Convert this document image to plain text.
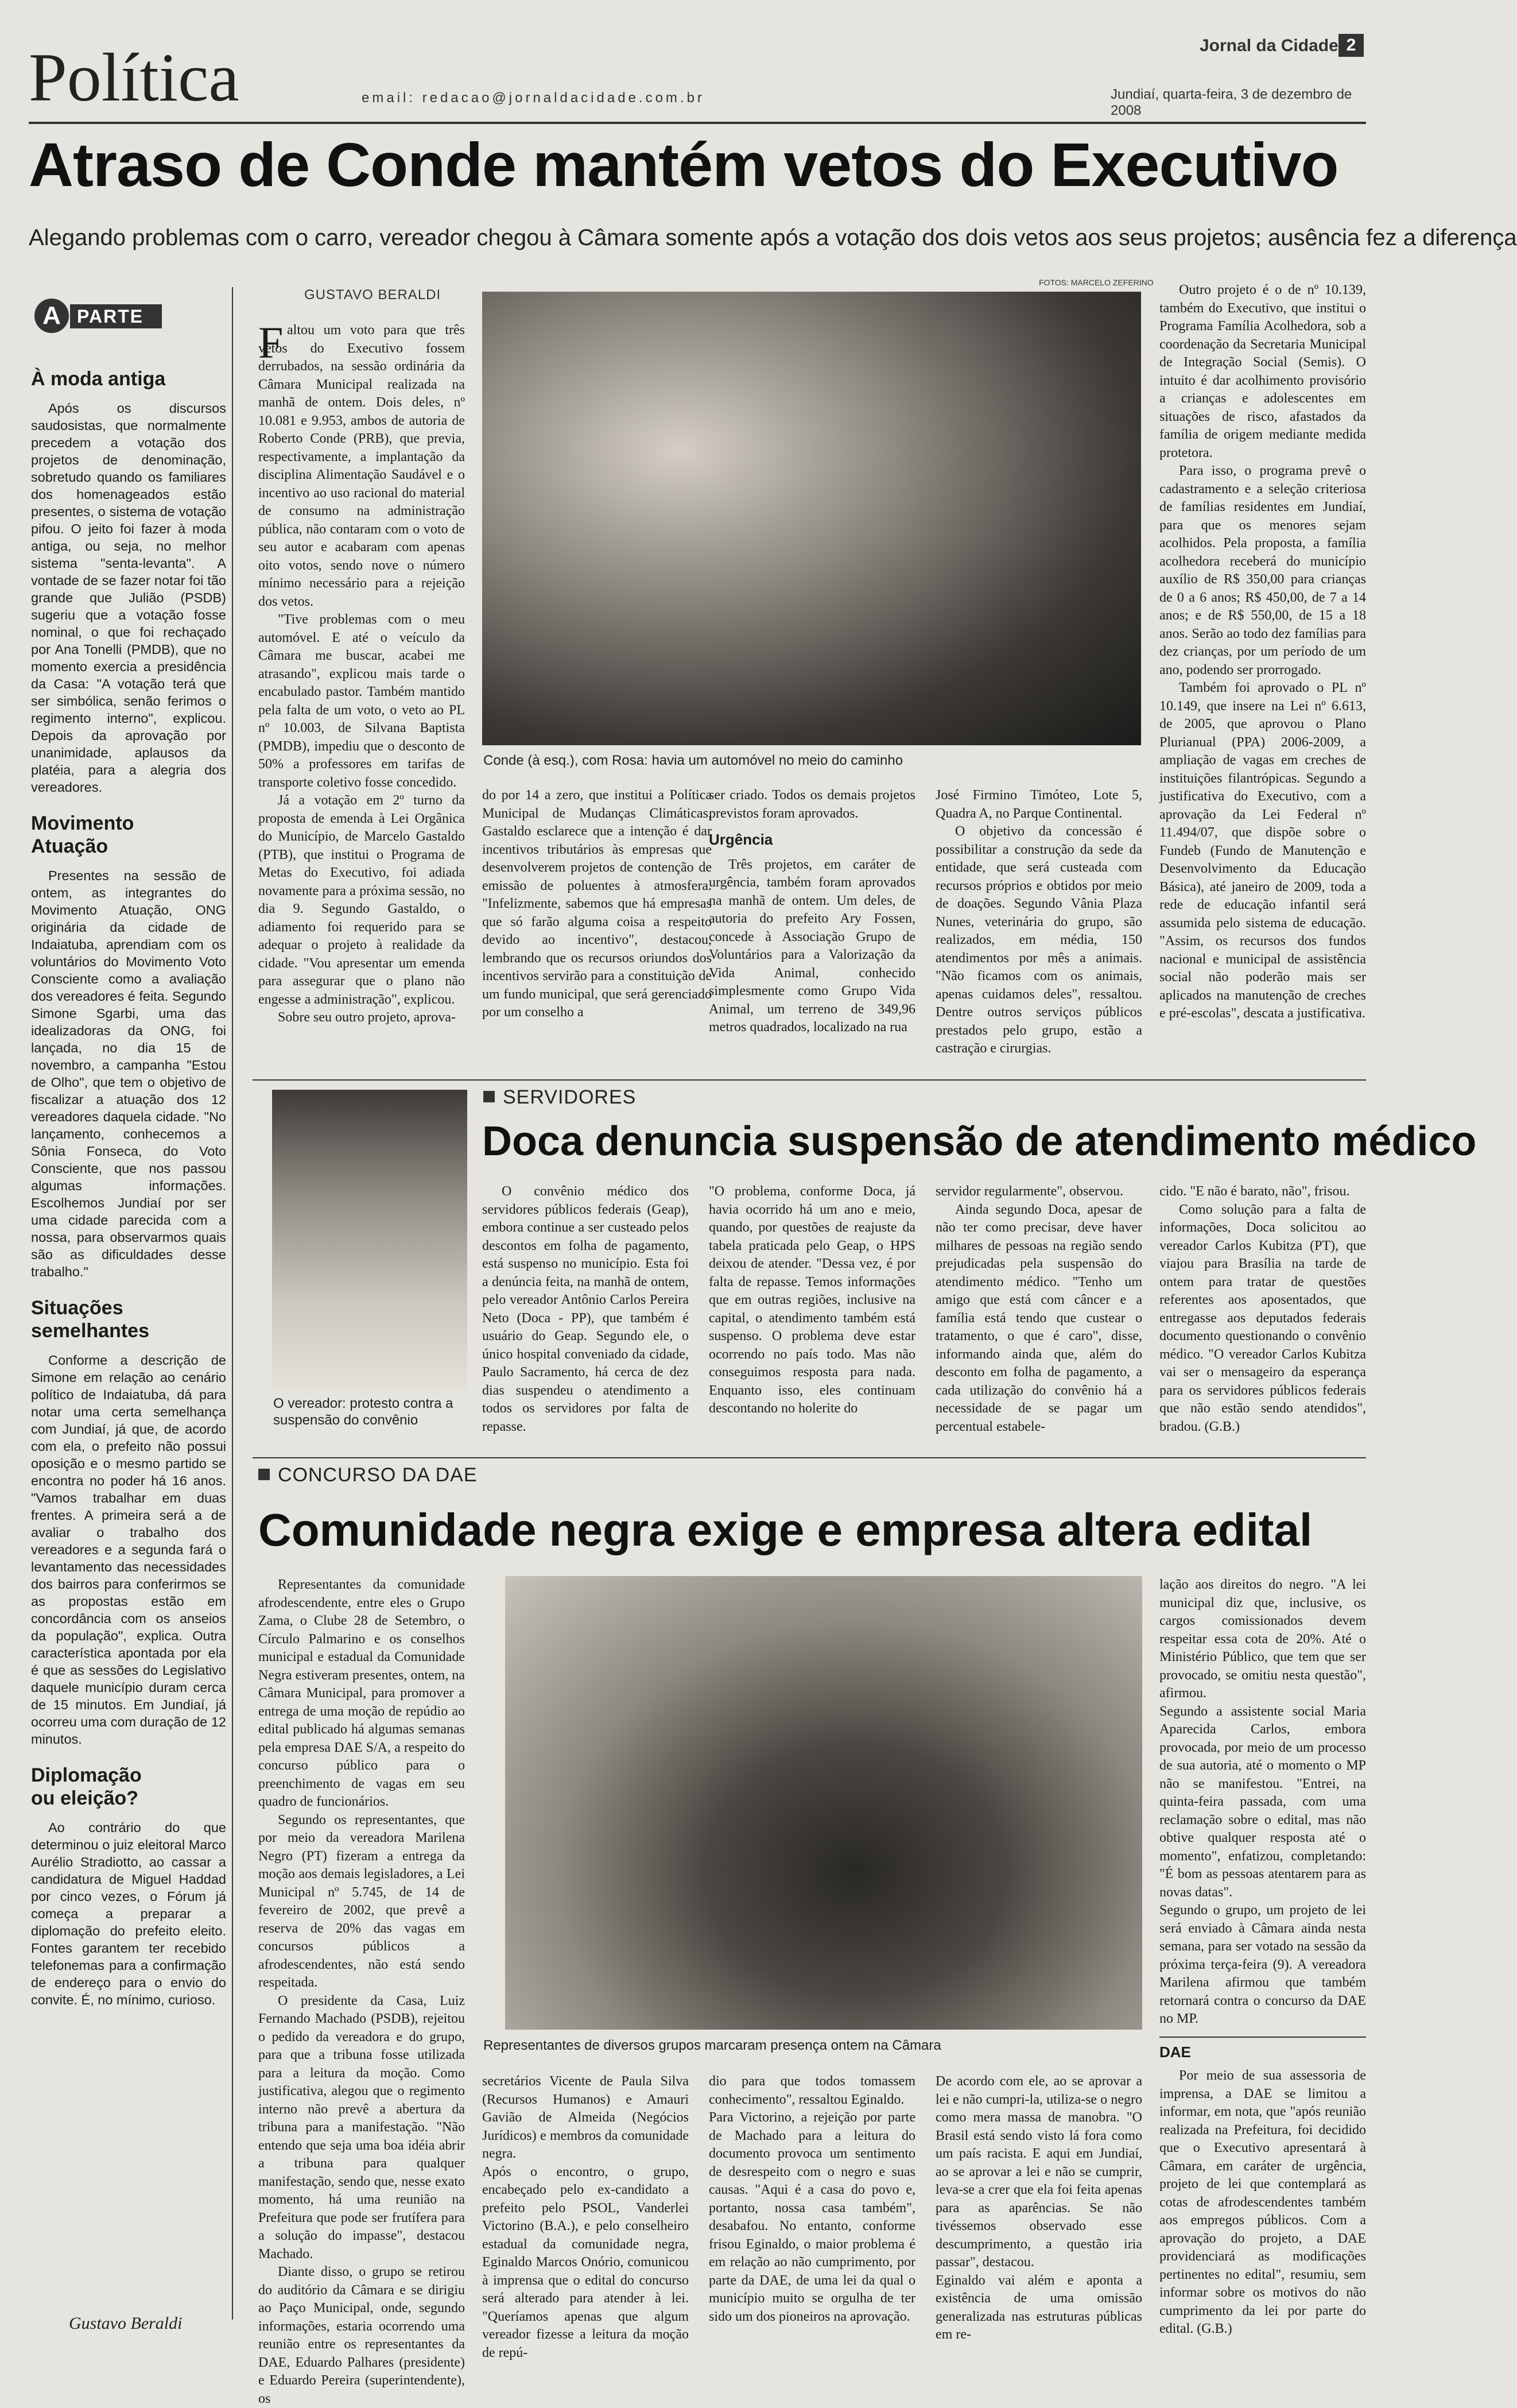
Política	email: redacao@jornaldacidade.com.br
Jornal da Cidade 2
Jundiaí, quarta-feira, 3 de dezembro de 2008
Atraso de Conde mantém vetos do Executivo
Alegando problemas com o carro, vereador chegou à Câmara somente após a votação dos dois vetos aos seus projetos; ausência fez a diferença
A PARTE
À moda antiga

Após os discursos saudosistas, que normalmente precedem a votação dos projetos de denominação, sobretudo quando os familiares dos homenageados estão presentes, o sistema de votação pifou. O jeito foi fazer à moda antiga, ou seja, no melhor sistema "senta-levanta". A vontade de se fazer notar foi tão grande que Julião (PSDB) sugeriu que a votação fosse nominal, o que foi rechaçado por Ana Tonelli (PMDB), que no momento exercia a presidência da Casa: "A votação terá que ser simbólica, senão ferimos o regimento interno", explicou. Depois da aprovação por unanimidade, aplausos da platéia, para a alegria dos vereadores.

Movimento Atuação

Presentes na sessão de ontem, as integrantes do Movimento Atuação, ONG originária da cidade de Indaiatuba, aprendiam com os voluntários do Movimento Voto Consciente como a avaliação dos vereadores é feita. Segundo Simone Sgarbi, uma das idealizadoras da ONG, foi lançada, no dia 15 de novembro, a campanha "Estou de Olho", que tem o objetivo de fiscalizar a atuação dos 12 vereadores daquela cidade. "No lançamento, conhecemos a Sônia Fonseca, do Voto Consciente, que nos passou algumas informações. Escolhemos Jundiaí por ser uma cidade parecida com a nossa, para observarmos quais são as dificuldades desse trabalho."

Situações semelhantes

Conforme a descrição de Simone em relação ao cenário político de Indaiatuba, dá para notar uma certa semelhança com Jundiaí, já que, de acordo com ela, o prefeito não possui oposição e o mesmo partido se encontra no poder há 16 anos. "Vamos trabalhar em duas frentes. A primeira será a de avaliar o trabalho dos vereadores e a segunda fará o levantamento das necessidades dos bairros para conferirmos se as propostas estão em concordância com os anseios da população", explica. Outra característica apontada por ela é que as sessões do Legislativo daquele município duram cerca de 15 minutos. Em Jundiaí, já ocorreu uma com duração de 12 minutos.

Diplomação ou eleição?

Ao contrário do que determinou o juiz eleitoral Marco Aurélio Stradiotto, ao cassar a candidatura de Miguel Haddad por cinco vezes, o Fórum já começa a preparar a diplomação do prefeito eleito. Fontes garantem ter recebido telefonemas para a confirmação de endereço para o envio do convite. É, no mínimo, curioso.

Gustavo Beraldi
GUSTAVO BERALDI
FOTOS: MARCELO ZEFERINO
Conde (à esq.), com Rosa: havia um automóvel no meio do caminho
F altou um voto para que três vetos do Executivo fossem derrubados, na sessão ordinária da Câmara Municipal realizada na manhã de ontem. Dois deles, nº 10.081 e 9.953, ambos de autoria de Roberto Conde (PRB), que previa, respectivamente, a implantação da disciplina Alimentação Saudável e o incentivo ao uso racional do material de consumo na administração pública, não contaram com o voto de seu autor e acabaram com apenas oito votos, sendo nove o número mínimo necessário para a rejeição dos vetos.

"Tive problemas com o meu automóvel. E até o veículo da Câmara me buscar, acabei me atrasando", explicou mais tarde o encabulado pastor. Também mantido pela falta de um voto, o veto ao PL nº 10.003, de Silvana Baptista (PMDB), impediu que o desconto de 50% a professores em tarifas de transporte coletivo fosse concedido.

Já a votação em 2º turno da proposta de emenda à Lei Orgânica do Município, de Marcelo Gastaldo (PTB), que institui o Programa de Metas do Executivo, foi adiada novamente para a próxima sessão, no dia 9. Segundo Gastaldo, o adiamento foi requerido para se adequar o projeto à realidade da cidade. "Vou apresentar um emenda para assegurar que o plano não engesse a administração", explicou.

Sobre seu outro projeto, aprova-

do por 14 a zero, que institui a Política Municipal de Mudanças Climáticas, Gastaldo esclarece que a intenção é dar incentivos tributários às empresas que desenvolverem projetos de contenção de emissão de poluentes à atmosfera. "Infelizmente, sabemos que há empresas que só farão alguma coisa a respeito devido ao incentivo", destacou, lembrando que os recursos oriundos dos incentivos servirão para a constituição de um fundo municipal, que será gerenciado por um conselho a

ser criado. Todos os demais projetos previstos foram aprovados.

Urgência

Três projetos, em caráter de urgência, também foram aprovados na manhã de ontem. Um deles, de autoria do prefeito Ary Fossen, concede à Associação Grupo de Voluntários para a Valorização da Vida Animal, conhecido simplesmente como Grupo Vida Animal, um terreno de 349,96 metros quadrados, localizado na rua

José Firmino Timóteo, Lote 5, Quadra A, no Parque Continental.

O objetivo da concessão é possibilitar a construção da sede da entidade, que será custeada com recursos próprios e obtidos por meio de doações. Segundo Vânia Plaza Nunes, veterinária do grupo, são realizados, em média, 150 atendimentos por mês a animais. "Não ficamos com os animais, apenas cuidamos deles", ressaltou. Dentre outros serviços públicos prestados pelo grupo, estão a castração e cirurgias.

Outro projeto é o de nº 10.139, também do Executivo, que institui o Programa Família Acolhedora, sob a coordenação da Secretaria Municipal de Integração Social (Semis). O intuito é dar acolhimento provisório a crianças e adolescentes em situações de risco, afastados da família de origem mediante medida protetora.

Para isso, o programa prevê o cadastramento e a seleção criteriosa de famílias residentes em Jundiaí, para que os menores sejam acolhidos. Pela proposta, a família acolhedora receberá do município auxílio de R$ 350,00 para crianças de 0 a 6 anos; R$ 450,00, de 7 a 14 anos; e de R$ 550,00, de 15 a 18 anos. Serão ao todo dez famílias para dez crianças, por um período de um ano, podendo ser prorrogado.

Também foi aprovado o PL nº 10.149, que insere na Lei nº 6.613, de 2005, que aprovou o Plano Plurianual (PPA) 2006-2009, a ampliação de vagas em creches de instituições filantrópicas. Segundo a justificativa do Executivo, com a aprovação da Lei Federal nº 11.494/07, que dispõe sobre o Fundeb (Fundo de Manutenção e Desenvolvimento da Educação Básica), até janeiro de 2009, toda a rede de educação infantil será assumida pelo sistema de educação. "Assim, os recursos dos fundos nacional e municipal de assistência social não poderão mais ser aplicados na manutenção de creches e pré-escolas", descata a justificativa.

O vereador: protesto contra a suspensão do convênio
SERVIDORES
Doca denuncia suspensão de atendimento médico

O convênio médico dos servidores públicos federais (Geap), embora continue a ser custeado pelos descontos em folha de pagamento, está suspenso no município. Esta foi a denúncia feita, na manhã de ontem, pelo vereador Antônio Carlos Pereira Neto (Doca - PP), que também é usuário do Geap. Segundo ele, o único hospital conveniado da cidade, Paulo Sacramento, há cerca de dez dias suspendeu o atendimento a todos os servidores por falta de repasse.

"O problema, conforme Doca, já havia ocorrido há um ano e meio, quando, por questões de reajuste da tabela praticada pelo Geap, o HPS deixou de atender. "Dessa vez, é por falta de repasse. Temos informações que em outras regiões, inclusive na capital, o atendimento também está suspenso. O problema deve estar ocorrendo no país todo. Mas não conseguimos resposta para nada. Enquanto isso, eles continuam descontando no holerite do

servidor regularmente", observou.

Ainda segundo Doca, apesar de não ter como precisar, deve haver milhares de pessoas na região sendo prejudicadas pela suspensão do atendimento médico. "Tenho um amigo que está com câncer e a família está tendo que custear o tratamento, o que é caro", disse, informando ainda que, além do desconto em folha de pagamento, a cada utilização do convênio há a necessidade de se pagar um percentual estabele-

cido. "E não é barato, não", frisou.

Como solução para a falta de informações, Doca solicitou ao vereador Carlos Kubitza (PT), que viajou para Brasília na tarde de ontem para tratar de questões referentes aos aposentados, que entregasse aos deputados federais documento questionando o convênio médico. "O vereador Carlos Kubitza vai ser o mensageiro da esperança para os servidores públicos federais que não estão sendo atendidos", bradou. (G.B.)

CONCURSO DA DAE
Comunidade negra exige e empresa altera edital
Representantes de diversos grupos marcaram presença ontem na Câmara

Representantes da comunidade afrodescendente, entre eles o Grupo Zama, o Clube 28 de Setembro, o Círculo Palmarino e os conselhos municipal e estadual da Comunidade Negra estiveram presentes, ontem, na Câmara Municipal, para promover a entrega de uma moção de repúdio ao edital publicado há algumas semanas pela empresa DAE S/A, a respeito do concurso público para o preenchimento de vagas em seu quadro de funcionários.

Segundo os representantes, que por meio da vereadora Marilena Negro (PT) fizeram a entrega da moção aos demais legisladores, a Lei Municipal nº 5.745, de 14 de fevereiro de 2002, que prevê a reserva de 20% das vagas em concursos públicos a afrodescendentes, não está sendo respeitada.

O presidente da Casa, Luiz Fernando Machado (PSDB), rejeitou o pedido da vereadora e do grupo, para que a tribuna fosse utilizada para a leitura da moção. Como justificativa, alegou que o regimento interno não prevê a abertura da tribuna para a manifestação. "Não entendo que seja uma boa idéia abrir a tribuna para qualquer manifestação, sendo que, nesse exato momento, há uma reunião na Prefeitura que pode ser frutífera para a solução do impasse", destacou Machado.

Diante disso, o grupo se retirou do auditório da Câmara e se dirigiu ao Paço Municipal, onde, segundo informações, estaria ocorrendo uma reunião entre os representantes da DAE, Eduardo Palhares (presidente) e Eduardo Pereira (superintendente), os

secretários Vicente de Paula Silva (Recursos Humanos) e Amauri Gavião de Almeida (Negócios Jurídicos) e membros da comunidade negra.
Após o encontro, o grupo, encabeçado pelo ex-candidato a prefeito pelo PSOL, Vanderlei Victorino (B.A.), e pelo conselheiro estadual da comunidade negra, Eginaldo Marcos Onório, comunicou à imprensa que o edital do concurso será alterado para atender à lei. "Queríamos apenas que algum vereador fizesse a leitura da moção de repú-

dio para que todos tomassem conhecimento", ressaltou Eginaldo.
Para Victorino, a rejeição por parte de Machado para a leitura do documento provoca um sentimento de desrespeito com o negro e suas causas. "Aqui é a casa do povo e, portanto, nossa casa também", desabafou. No entanto, conforme frisou Eginaldo, o maior problema é em relação ao não cumprimento, por parte da DAE, de uma lei da qual o município muito se orgulha de ter sido um dos pioneiros na aprovação.

De acordo com ele, ao se aprovar a lei e não cumpri-la, utiliza-se o negro como mera massa de manobra. "O Brasil está sendo visto lá fora como um país racista. E aqui em Jundiaí, ao se aprovar a lei e não se cumprir, leva-se a crer que ela foi feita apenas para as aparências. Se não tivéssemos observado esse descumprimento, a questão iria passar", destacou.
Eginaldo vai além e aponta a existência de uma omissão generalizada nas estruturas públicas em re-

lação aos direitos do negro. "A lei municipal diz que, inclusive, os cargos comissionados devem respeitar essa cota de 20%. Até o Ministério Público, que tem que ser provocado, se omitiu nesta questão", afirmou.
Segundo a assistente social Maria Aparecida Carlos, embora provocada, por meio de um processo de sua autoria, até o momento o MP não se manifestou. "Entrei, na quinta-feira passada, com uma reclamação sobre o edital, mas não obtive qualquer resposta até o momento", enfatizou, completando: "É bom as pessoas atentarem para as novas datas".
Segundo o grupo, um projeto de lei será enviado à Câmara ainda nesta semana, para ser votado na sessão da próxima terça-feira (9). A vereadora Marilena afirmou que também retornará contra o concurso da DAE no MP.

DAE

Por meio de sua assessoria de imprensa, a DAE se limitou a informar, em nota, que "após reunião realizada na Prefeitura, foi decidido que o Executivo apresentará à Câmara, em caráter de urgência, projeto de lei que contemplará as cotas de afrodescendentes também aos empregos públicos. Com a aprovação do projeto, a DAE providenciará as modificações pertinentes no edital", resumiu, sem informar sobre os motivos do não cumprimento da lei por parte do edital. (G.B.)
